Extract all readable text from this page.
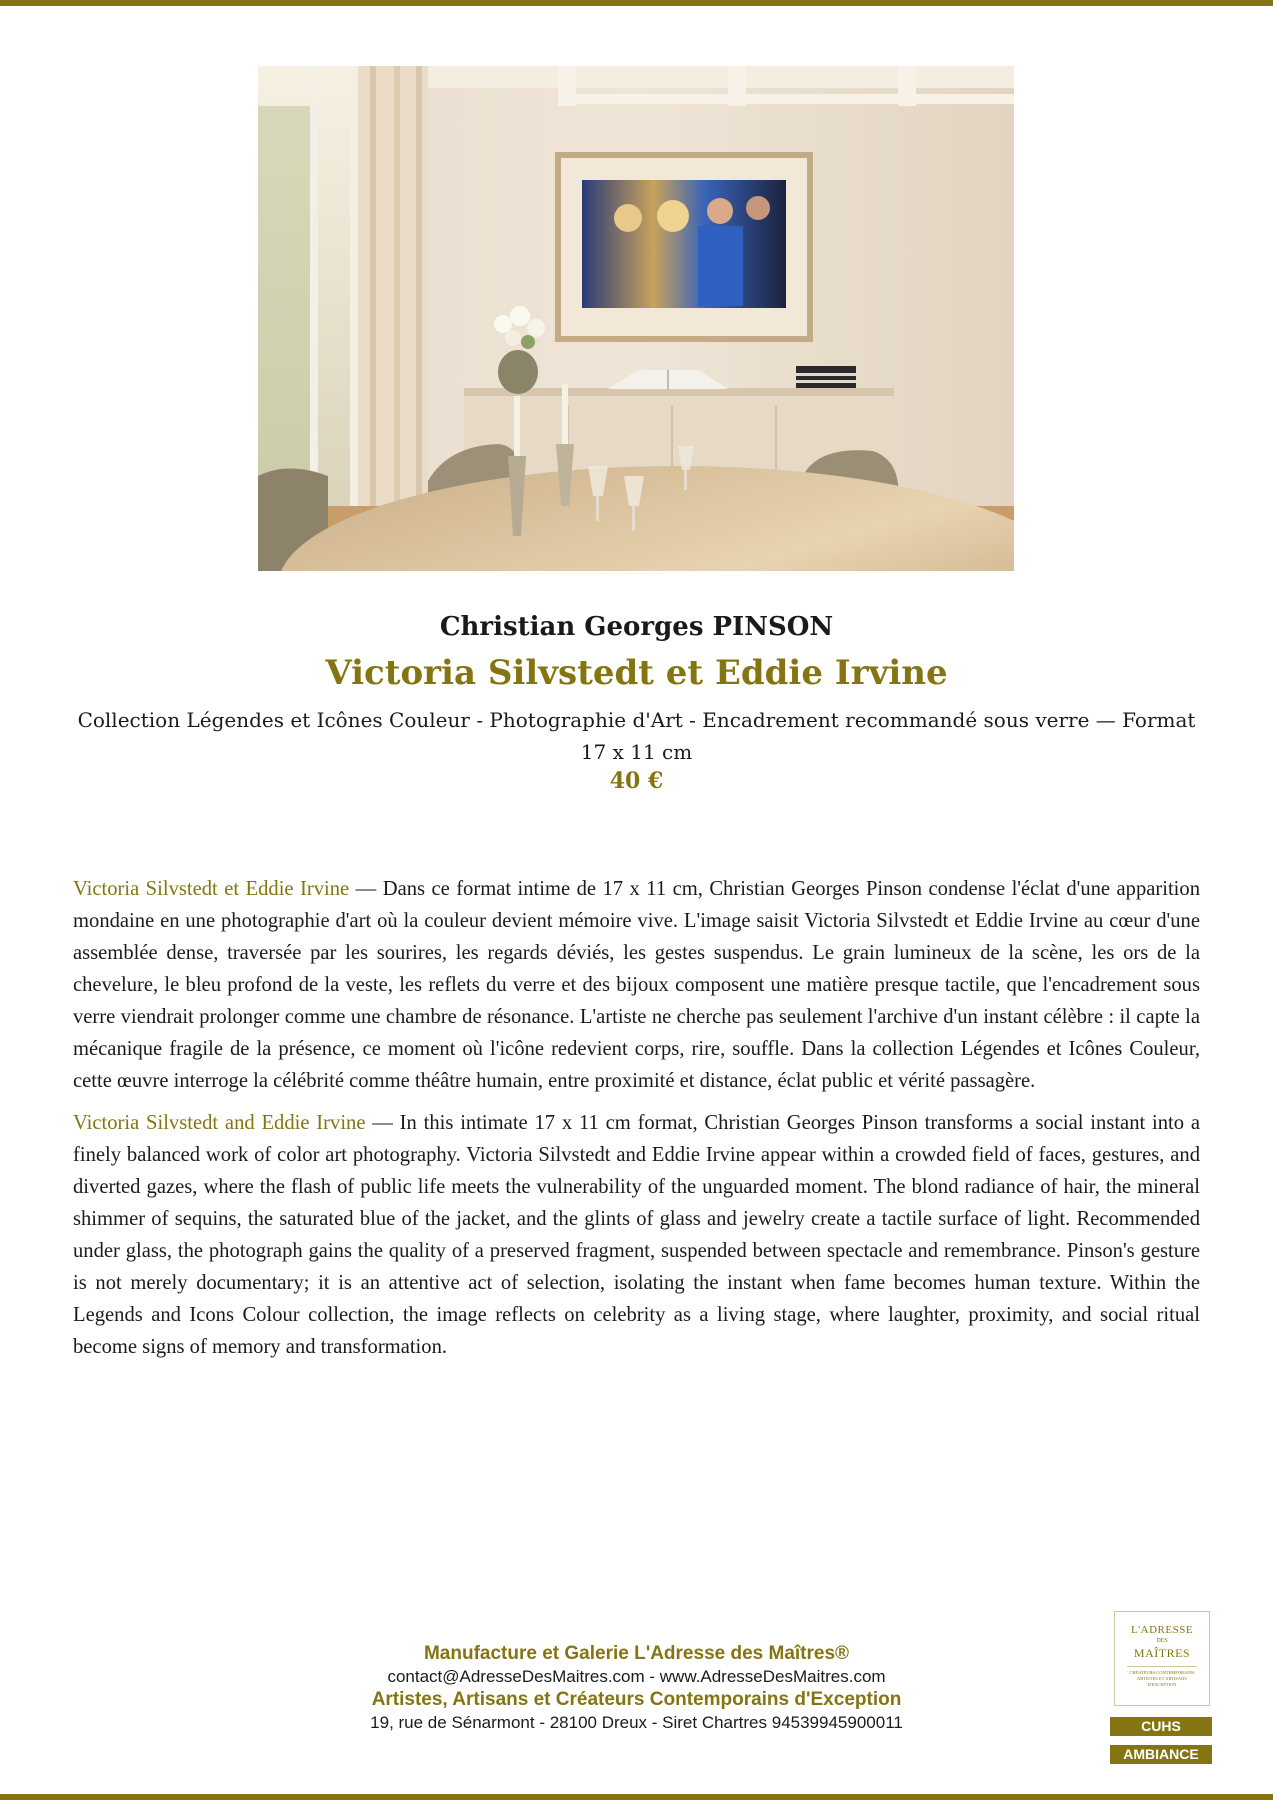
Christian Georges PINSON
Victoria Silvstedt et Eddie Irvine
Collection Légendes et Icônes Couleur - Photographie d'Art - Encadrement recommandé sous verre — Format 17 x 11 cm
40 €

Victoria Silvstedt et Eddie Irvine — Dans ce format intime de 17 x 11 cm, Christian Georges Pinson condense l'éclat d'une apparition mondaine en une photographie d'art où la couleur devient mémoire vive. L'image saisit Victoria Silvstedt et Eddie Irvine au cœur d'une assemblée dense, traversée par les sourires, les regards déviés, les gestes suspendus. Le grain lumineux de la scène, les ors de la chevelure, le bleu profond de la veste, les reflets du verre et des bijoux composent une matière presque tactile, que l'encadrement sous verre viendrait prolonger comme une chambre de résonance. L'artiste ne cherche pas seulement l'archive d'un instant célèbre : il capte la mécanique fragile de la présence, ce moment où l'icône redevient corps, rire, souffle. Dans la collection Légendes et Icônes Couleur, cette œuvre interroge la célébrité comme théâtre humain, entre proximité et distance, éclat public et vérité passagère.

Victoria Silvstedt and Eddie Irvine — In this intimate 17 x 11 cm format, Christian Georges Pinson transforms a social instant into a finely balanced work of color art photography. Victoria Silvstedt and Eddie Irvine appear within a crowded field of faces, gestures, and diverted gazes, where the flash of public life meets the vulnerability of the unguarded moment. The blond radiance of hair, the mineral shimmer of sequins, the saturated blue of the jacket, and the glints of glass and jewelry create a tactile surface of light. Recommended under glass, the photograph gains the quality of a preserved fragment, suspended between spectacle and remembrance. Pinson's gesture is not merely documentary; it is an attentive act of selection, isolating the instant when fame becomes human texture. Within the Legends and Icons Colour collection, the image reflects on celebrity as a living stage, where laughter, proximity, and social ritual become signs of memory and transformation.

Manufacture et Galerie L'Adresse des Maîtres®
contact@AdresseDesMaitres.com - www.AdresseDesMaitres.com
Artistes, Artisans et Créateurs Contemporains d'Exception
19, rue de Sénarmont - 28100 Dreux - Siret Chartres 94539945900011
L'ADRESSE
DES
MAÎTRES
CRÉATEURS CONTEMPORAINS ARTISTES ET ARTISANS D'EXCEPTION
CUHS
AMBIANCE
